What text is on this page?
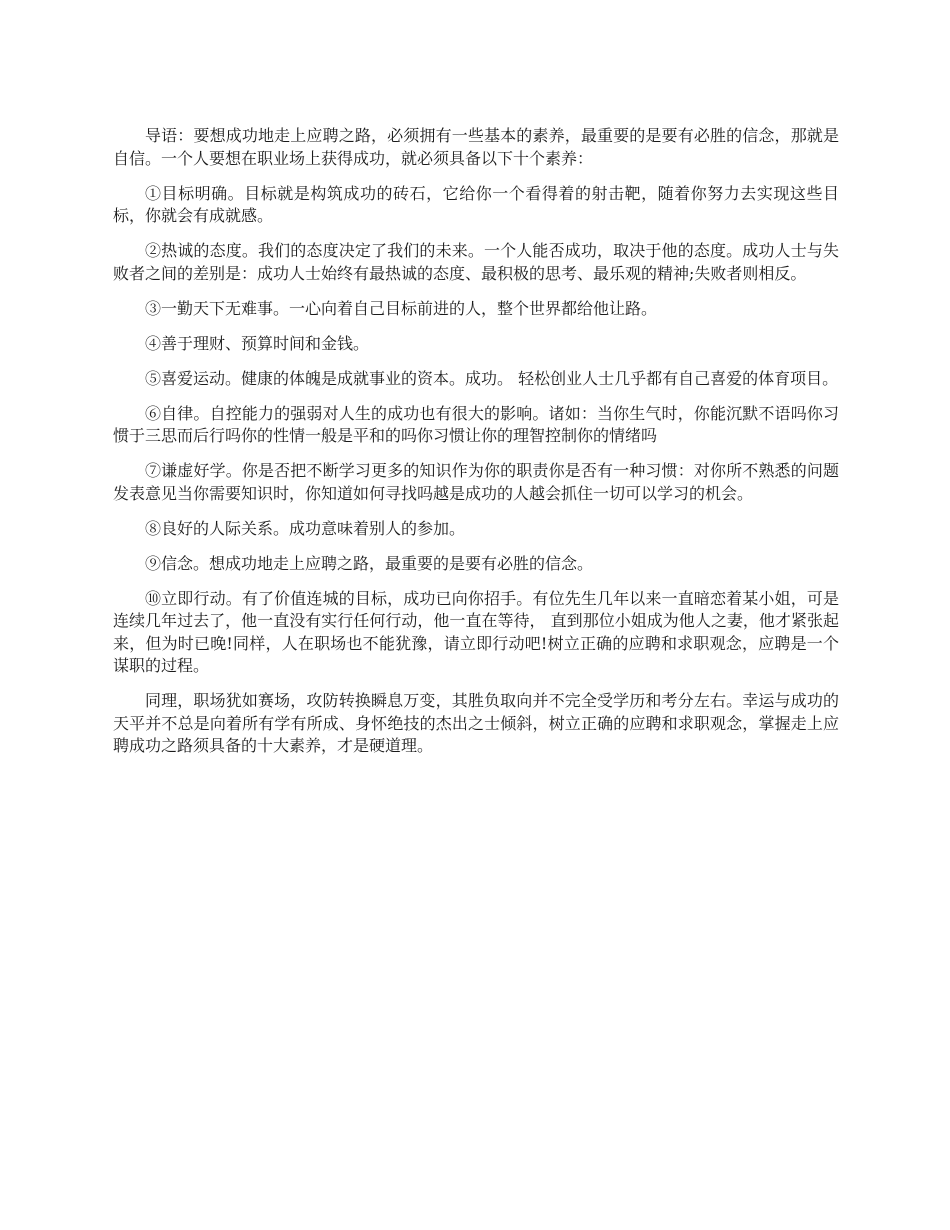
导语：要想成功地走上应聘之路，必须拥有一些基本的素养，最重要的是要有必胜的信念，那就是自信。一个人要想在职业场上获得成功，就必须具备以下十个素养：

①目标明确。目标就是构筑成功的砖石，它给你一个看得着的射击靶，随着你努力去实现这些目标，你就会有成就感。

②热诚的态度。我们的态度决定了我们的未来。一个人能否成功，取决于他的态度。成功人士与失败者之间的差别是：成功人士始终有最热诚的态度、最积极的思考、最乐观的精神;失败者则相反。

③一勤天下无难事。一心向着自己目标前进的人，整个世界都给他让路。

④善于理财、预算时间和金钱。

⑤喜爱运动。健康的体魄是成就事业的资本。成功。 轻松创业人士几乎都有自己喜爱的体育项目。

⑥自律。自控能力的强弱对人生的成功也有很大的影响。诸如：当你生气时，你能沉默不语吗你习惯于三思而后行吗你的性情一般是平和的吗你习惯让你的理智控制你的情绪吗

⑦谦虚好学。你是否把不断学习更多的知识作为你的职责你是否有一种习惯：对你所不熟悉的问题发表意见当你需要知识时，你知道如何寻找吗越是成功的人越会抓住一切可以学习的机会。

⑧良好的人际关系。成功意味着别人的参加。

⑨信念。想成功地走上应聘之路，最重要的是要有必胜的信念。

⑩立即行动。有了价值连城的目标，成功已向你招手。有位先生几年以来一直暗恋着某小姐，可是连续几年过去了，他一直没有实行任何行动，他一直在等待， 直到那位小姐成为他人之妻，他才紧张起来，但为时已晚!同样，人在职场也不能犹豫，请立即行动吧!树立正确的应聘和求职观念，应聘是一个谋职的过程。

同理，职场犹如赛场，攻防转换瞬息万变，其胜负取向并不完全受学历和考分左右。幸运与成功的天平并不总是向着所有学有所成、身怀绝技的杰出之士倾斜，树立正确的应聘和求职观念，掌握走上应聘成功之路须具备的十大素养，才是硬道理。
